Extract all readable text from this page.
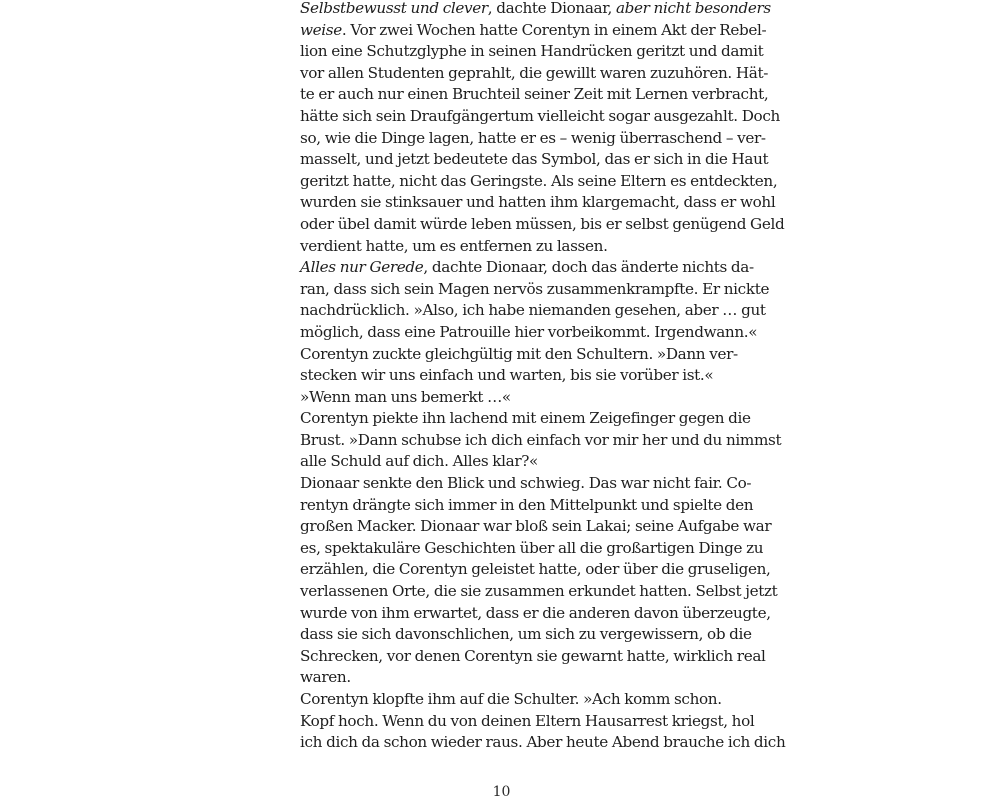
Selbstbewusst und clever, dachte Dionaar, aber nicht besonders
weise. Vor zwei Wochen hatte Corentyn in einem Akt der Rebel-
lion eine Schutzglyphe in seinen Handrücken geritzt und damit
vor allen Studenten geprahlt, die gewillt waren zuzuhören. Hät-
te er auch nur einen Bruchteil seiner Zeit mit Lernen verbracht,
hätte sich sein Draufgängertum vielleicht sogar ausgezahlt. Doch
so, wie die Dinge lagen, hatte er es – wenig überraschend – ver-
masselt, und jetzt bedeutete das Symbol, das er sich in die Haut
geritzt hatte, nicht das Geringste. Als seine Eltern es entdeckten,
wurden sie stinksauer und hatten ihm klargemacht, dass er wohl
oder übel damit würde leben müssen, bis er selbst genügend Geld
verdient hatte, um es entfernen zu lassen.
Alles nur Gerede, dachte Dionaar, doch das änderte nichts da-
ran, dass sich sein Magen nervös zusammenkrampfte. Er nickte
nachdrücklich. »Also, ich habe niemanden gesehen, aber … gut
möglich, dass eine Patrouille hier vorbeikommt. Irgendwann.«
Corentyn zuckte gleichgültig mit den Schultern. »Dann ver-
stecken wir uns einfach und warten, bis sie vorüber ist.«
»Wenn man uns bemerkt …«
Corentyn piekte ihn lachend mit einem Zeigefinger gegen die
Brust. »Dann schubse ich dich einfach vor mir her und du nimmst
alle Schuld auf dich. Alles klar?«
Dionaar senkte den Blick und schwieg. Das war nicht fair. Co-
rentyn drängte sich immer in den Mittelpunkt und spielte den
großen Macker. Dionaar war bloß sein Lakai; seine Aufgabe war
es, spektakuläre Geschichten über all die großartigen Dinge zu
erzählen, die Corentyn geleistet hatte, oder über die gruseligen,
verlassenen Orte, die sie zusammen erkundet hatten. Selbst jetzt
wurde von ihm erwartet, dass er die anderen davon überzeugte,
dass sie sich davonschlichen, um sich zu vergewissern, ob die
Schrecken, vor denen Corentyn sie gewarnt hatte, wirklich real
waren.
Corentyn klopfte ihm auf die Schulter. »Ach komm schon.
Kopf hoch. Wenn du von deinen Eltern Hausarrest kriegst, hol
ich dich da schon wieder raus. Aber heute Abend brauche ich dich
10
